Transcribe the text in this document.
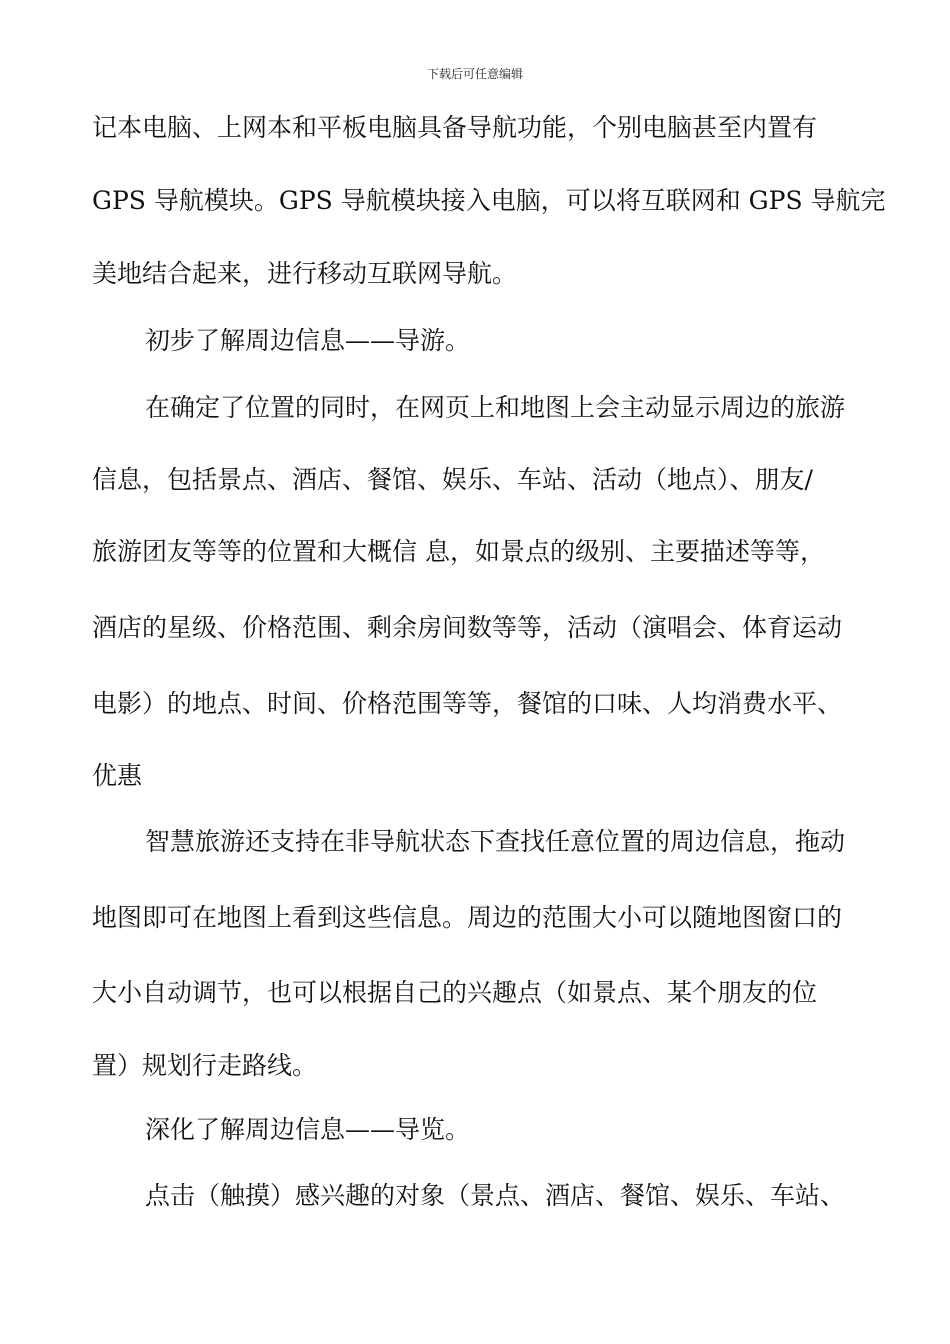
下载后可任意编辑
记本电脑、上网本和平板电脑具备导航功能，个别电脑甚至内置有
GPS 导航模块。GPS 导航模块接入电脑，可以将互联网和 GPS 导航完
美地结合起来，进行移动互联网导航。
初步了解周边信息——导游。
在确定了位置的同时，在网页上和地图上会主动显示周边的旅游
信息，包括景点、酒店、餐馆、娱乐、车站、活动（地点）、朋友/
旅游团友等等的位置和大概信 息，如景点的级别、主要描述等等，
酒店的星级、价格范围、剩余房间数等等，活动（演唱会、体育运动
电影）的地点、时间、价格范围等等，餐馆的口味、人均消费水平、
优惠
智慧旅游还支持在非导航状态下查找任意位置的周边信息，拖动
地图即可在地图上看到这些信息。周边的范围大小可以随地图窗口的
大小自动调节，也可以根据自己的兴趣点（如景点、某个朋友的位
置）规划行走路线。
深化了解周边信息——导览。
点击（触摸）感兴趣的对象（景点、酒店、餐馆、娱乐、车站、
